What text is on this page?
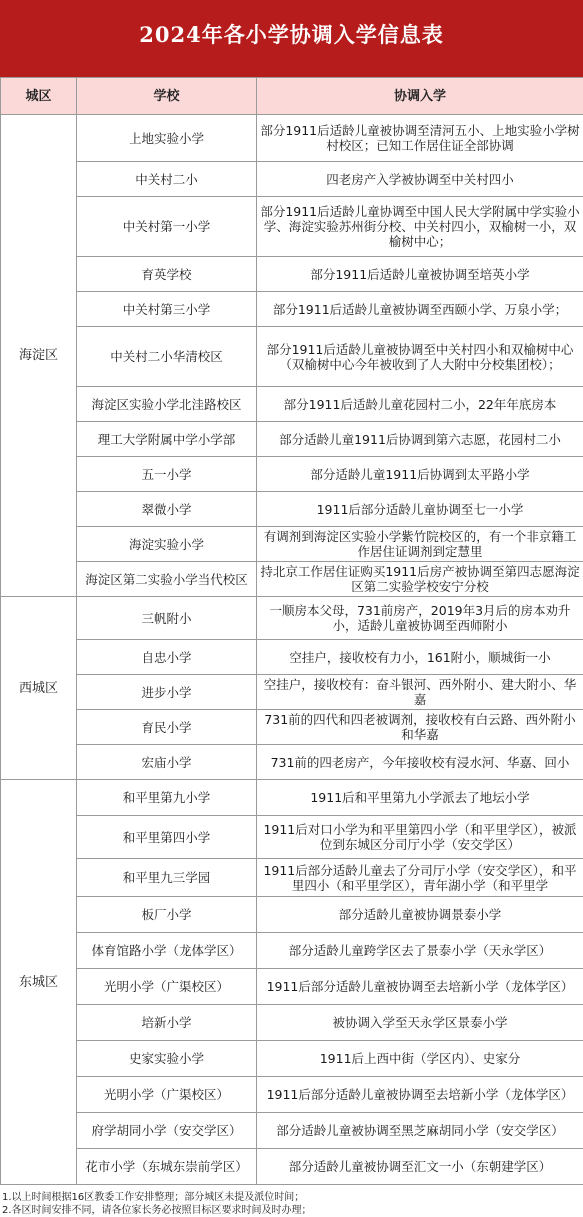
2024年各小学协调入学信息表
城区	学校	协调入学
海淀区	上地实验小学	部分1911后适龄儿童被协调至清河五小、上地实验小学树村校区；已知工作居住证全部协调
	中关村二小	四老房产入学被协调至中关村四小
	中关村第一小学	部分1911后适龄儿童协调至中国人民大学附属中学实验小学、海淀实验苏州街分校、中关村四小，双榆树一小，双榆树中心；
	育英学校	部分1911后适龄儿童被协调至培英小学
	中关村第三小学	部分1911后适龄儿童被协调至西颐小学、万泉小学；
	中关村二小华清校区	部分1911后适龄儿童被协调至中关村四小和双榆树中心（双榆树中心今年被收到了人大附中分校集团校）；
	海淀区实验小学北洼路校区	部分1911后适龄儿童花园村二小，22年年底房本
	理工大学附属中学小学部	部分适龄儿童1911后协调到第六志愿，花园村二小
	五一小学	部分适龄儿童1911后协调到太平路小学
	翠微小学	1911后部分适龄儿童协调至七一小学
	海淀实验小学	有调剂到海淀区实验小学紫竹院校区的，有一个非京籍工作居住证调剂到定慧里
	海淀区第二实验小学当代校区	持北京工作居住证购买1911后房产被协调至第四志愿海淀区第二实验学校安宁分校
西城区	三帆附小	一顺房本父母，731前房产，2019年3月后的房本劝升小，适龄儿童被协调至西师附小
	自忠小学	空挂户，接收校有力小，161附小，顺城街一小
	进步小学	空挂户，接收校有：奋斗银河、西外附小、建大附小、华嘉
	育民小学	731前的四代和四老被调剂，接收校有白云路、西外附小和华嘉
	宏庙小学	731前的四老房产，今年接收校有浸水河、华嘉、回小
东城区	和平里第九小学	1911后和平里第九小学派去了地坛小学
	和平里第四小学	1911后对口小学为和平里第四小学（和平里学区），被派位到东城区分司厅小学（安交学区）
	和平里九三学园	1911后部分适龄儿童去了分司厅小学（安交学区），和平里四小（和平里学区），青年湖小学（和平里学
	板厂小学	部分适龄儿童被协调景泰小学
	体育馆路小学（龙体学区）	部分适龄儿童跨学区去了景泰小学（天永学区）
	光明小学（广渠校区）	1911后部分适龄儿童被协调至去培新小学（龙体学区）
	培新小学	被协调入学至天永学区景泰小学
	史家实验小学	1911后上西中街（学区内）、史家分
	光明小学（广渠校区）	1911后部分适龄儿童被协调至去培新小学（龙体学区）
	府学胡同小学（安交学区）	部分适龄儿童被协调至黑芝麻胡同小学（安交学区）
	花市小学（东城东崇前学区）	部分适龄儿童被协调至汇文一小（东朝建学区）
1.以上时间根据16区教委工作安排整理；部分城区未提及派位时间；
2.各区时间安排不同，请各位家长务必按照目标区要求时间及时办理；
